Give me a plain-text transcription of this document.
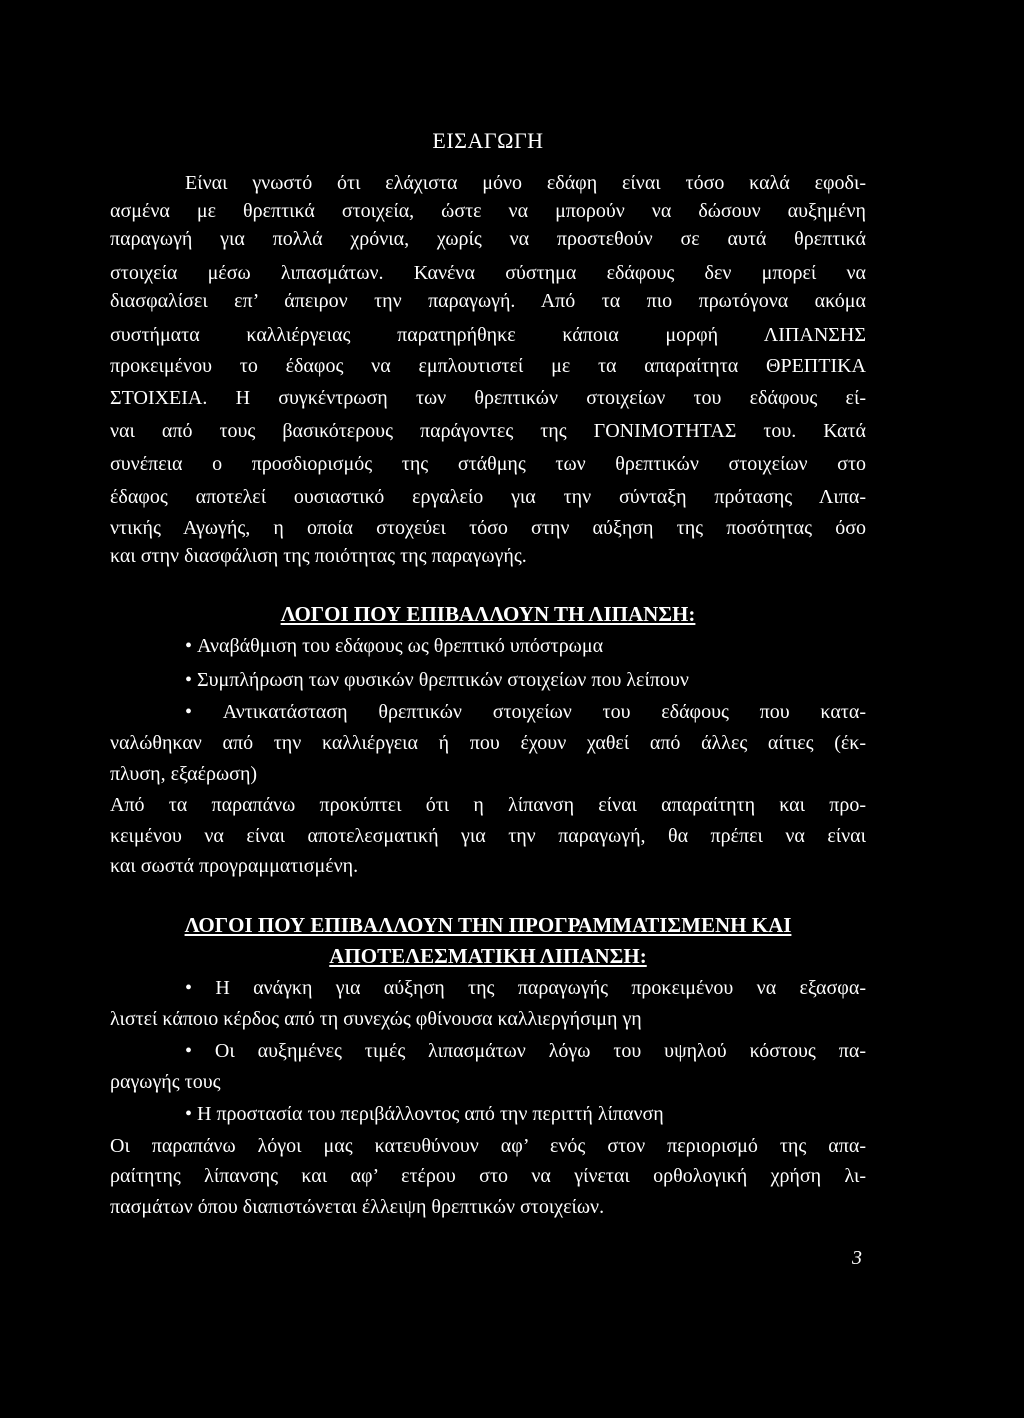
ΕΙΣΑΓΩΓΗ
Είναι γνωστό ότι ελάχιστα μόνο εδάφη είναι τόσο καλά εφοδι-
ασμένα με θρεπτικά στοιχεία, ώστε να μπορούν να δώσουν αυξημένη
παραγωγή για πολλά χρόνια, χωρίς να προστεθούν σε αυτά θρεπτικά
στοιχεία μέσω λιπασμάτων. Κανένα σύστημα εδάφους δεν μπορεί να
διασφαλίσει επ’ άπειρον την παραγωγή. Από τα πιο πρωτόγονα ακόμα
συστήματα καλλιέργειας παρατηρήθηκε κάποια μορφή ΛΙΠΑΝΣΗΣ
προκειμένου το έδαφος να εμπλουτιστεί με τα απαραίτητα ΘΡΕΠΤΙΚΑ
ΣΤΟΙΧΕΙΑ. Η συγκέντρωση των θρεπτικών στοιχείων του εδάφους εί-
ναι από τους βασικότερους παράγοντες της ΓΟΝΙΜΟΤΗΤΑΣ του. Κατά
συνέπεια ο προσδιορισμός της στάθμης των θρεπτικών στοιχείων στο
έδαφος αποτελεί ουσιαστικό εργαλείο για την σύνταξη πρότασης Λιπα-
ντικής Αγωγής, η οποία στοχεύει τόσο στην αύξηση της ποσότητας όσο
και στην διασφάλιση της ποιότητας της παραγωγής.
ΛΟΓΟΙ ΠΟΥ ΕΠΙΒΑΛΛΟΥΝ ΤΗ ΛΙΠΑΝΣΗ:
• Αναβάθμιση του εδάφους ως θρεπτικό υπόστρωμα
• Συμπλήρωση των φυσικών θρεπτικών στοιχείων που λείπουν
• Αντικατάσταση θρεπτικών στοιχείων του εδάφους που κατα-
ναλώθηκαν από την καλλιέργεια ή που έχουν χαθεί από άλλες αίτιες (έκ-
πλυση, εξαέρωση)
Από τα παραπάνω προκύπτει ότι η λίπανση είναι απαραίτητη και προ-
κειμένου να είναι αποτελεσματική για την παραγωγή, θα πρέπει να είναι
και σωστά προγραμματισμένη.
ΛΟΓΟΙ ΠΟΥ ΕΠΙΒΑΛΛΟΥΝ ΤΗΝ ΠΡΟΓΡΑΜΜΑΤΙΣΜΕΝΗ ΚΑΙ
ΑΠΟΤΕΛΕΣΜΑΤΙΚΗ ΛΙΠΑΝΣΗ:
• Η ανάγκη για αύξηση της παραγωγής προκειμένου να εξασφα-
λιστεί κάποιο κέρδος από τη συνεχώς φθίνουσα καλλιεργήσιμη γη
• Οι αυξημένες τιμές λιπασμάτων λόγω του υψηλού κόστους πα-
ραγωγής τους
• Η προστασία του περιβάλλοντος από την περιττή λίπανση
Οι παραπάνω λόγοι μας κατευθύνουν αφ’ ενός στον περιορισμό της απα-
ραίτητης λίπανσης και αφ’ ετέρου στο να γίνεται ορθολογική χρήση λι-
πασμάτων όπου διαπιστώνεται έλλειψη θρεπτικών στοιχείων.
3
